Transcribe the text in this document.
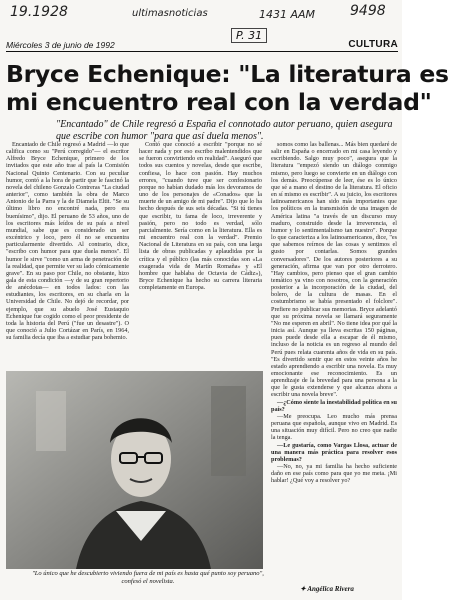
19.1928	ultimasnoticias	1431 AAM 9498
P. 31
Miércoles 3 de junio de 1992	CULTURA
Bryce Echenique: "La literatura es
mi encuentro real con la verdad"
"Encantado" de Chile regresó a España el connotado autor peruano, quien asegura que escribe con humor "para que así duela menos".

Encantado de Chile regresó a Madrid —lo que califica como su "Perú corregido"— el escritor Alfredo Bryce Echenique, primero de los invitados que este año trae al país la Comisión Nacional Quinto Centenario. Con su peculiar humor, contó a la hora de partir que le fascinó la novela del chileno Gonzalo Contreras "La ciudad anterior", como también la obra de Marco Antonio de la Parra y la de Diamela Eltit. "Se su último libro no encontré nada, pero era buenísimo", dijo. El peruano de 53 años, uno de los escritores más leídos de su país a nivel mundial, sabe que es considerado un ser excéntrico y loco, pero él no se encuentra particularmente divertido. Al contrario, dice, "escribo con humor para que duela menos". El humor le sirve "como un arma de penetración de la realidad, que permite ver su lado cómicamente grave". En su paso por Chile, no obstante, hizo gala de esta condición —y de su gran repertorio de anécdotas— en todos lados: con las estudiantes, los escritores, en su charla en la Universidad de Chile. No dejó de recordar, por ejemplo, que su abuelo José Eustaquio Echenique fue cogido como el peor presidente de toda la historia del Perú ("fue un desastre"). O que conoció a Julio Cortázar en París, en 1964, su familia decía que iba a estudiar para bohemio.

Contó que conoció a escribir "porque no sé hacer nada y por eso escribo malentendidos que se fueron convirtiendo en realidad". Aseguró que todos sus cuentos y novelas, desde que escribe, confiesa, lo hace con pasión. Hay muchos errores, "cuando tuve que ser confesionario porque no habían dudado más los devoramos de uno de los personajes de «Conados» que la muerte de un amigo de mi padre". Dijo que lo ha hecho después de sus seis décadas. "Si tú tienes que escribir, tu fama de loco, irreverente y pasión, pero no todo es verdad, sólo parcialmente. Sería como en la literatura. Ella es mi encuentro real con la verdad". Premio Nacional de Literatura en su país, con una larga lista de obras publicadas y aplaudidas por la crítica y el público (las más conocidas son «La exagerada vida de Martín Romaña» y «El hombre que hablaba de Octavia de Cádiz»), Bryce Echenique ha hecho su carrera literaria completamente en Europa.

somos como las ballenas... Más bien quedaré de salir en España o encerrado en mi casa leyendo y escribiendo. Salgo muy poco", asegura que la literatura "empezó siendo un diálogo conmigo mismo, pero luego se convierte en un diálogo con los demás. Preocúpense de leer, ése es lo único que sé a mano el destino de la literatura. El oficio en sí mismo es escribir". A su juicio, los escritores latinoamericanos han sido más importantes que los políticos en la transmisión de una imagen de América latina "a través de un discurso muy maduro, construido desde la irreverencia, el humor y lo sentimentalismo tan nuestro". Porque lo que caracteriza a los latinoamericanos, dice, "es que sabemos reírnos de las cosas y sentimos el gusto por contarlas. Somos grandes conversadores". De los autores posteriores a su generación, afirma que van por otro derrotero. "Hay cambios, pero pienso que el gran cambio temático ya vino con nosotros, con la generación posterior a la incorporación de la ciudad, del bolero, de la cultura de masas. En el costumbrismo se había presentado el folclore". Prefiere no publicar sus memorias. Bryce adelantó que su próxima novela se llamará seguramente "No me esperen en abril". No tiene idea por qué la inicia así. Aunque ya lleva escritas 150 páginas, pues puede desde ella a escapar de él mismo, incluso de la noticia es un regreso al mundo del Perú pues relata cuarenta años de vida en su país. "Es divertido sentir que en estos veinte años he estado aprendiendo a escribir una novela. Es muy emocionante ese reconocimiento. Es un aprendizaje de la brevedad para una persona a la que le gusta extenderse y que alcanza ahora a escribir una novela breve".

—¿Cómo siente la inestabilidad política en su país?

—Me preocupa. Leo mucho más prensa peruana que española, aunque vivo en Madrid. Es una situación muy difícil. Pero no creo que nadie la tenga.

—Le gustaría, como Vargas Llosa, actuar de una manera más práctica para resolver esos problemas?

—No, no, ya mi familia ha hecho suficiente daño en ese país como para que yo me meta. ¡Mi hablar! ¿Qué voy a resolver yo?

"Lo único que he descubierto viviendo fuera de mi país es hasta qué punto soy peruano", confesó el novelista.
✦ Angélica Rivera
